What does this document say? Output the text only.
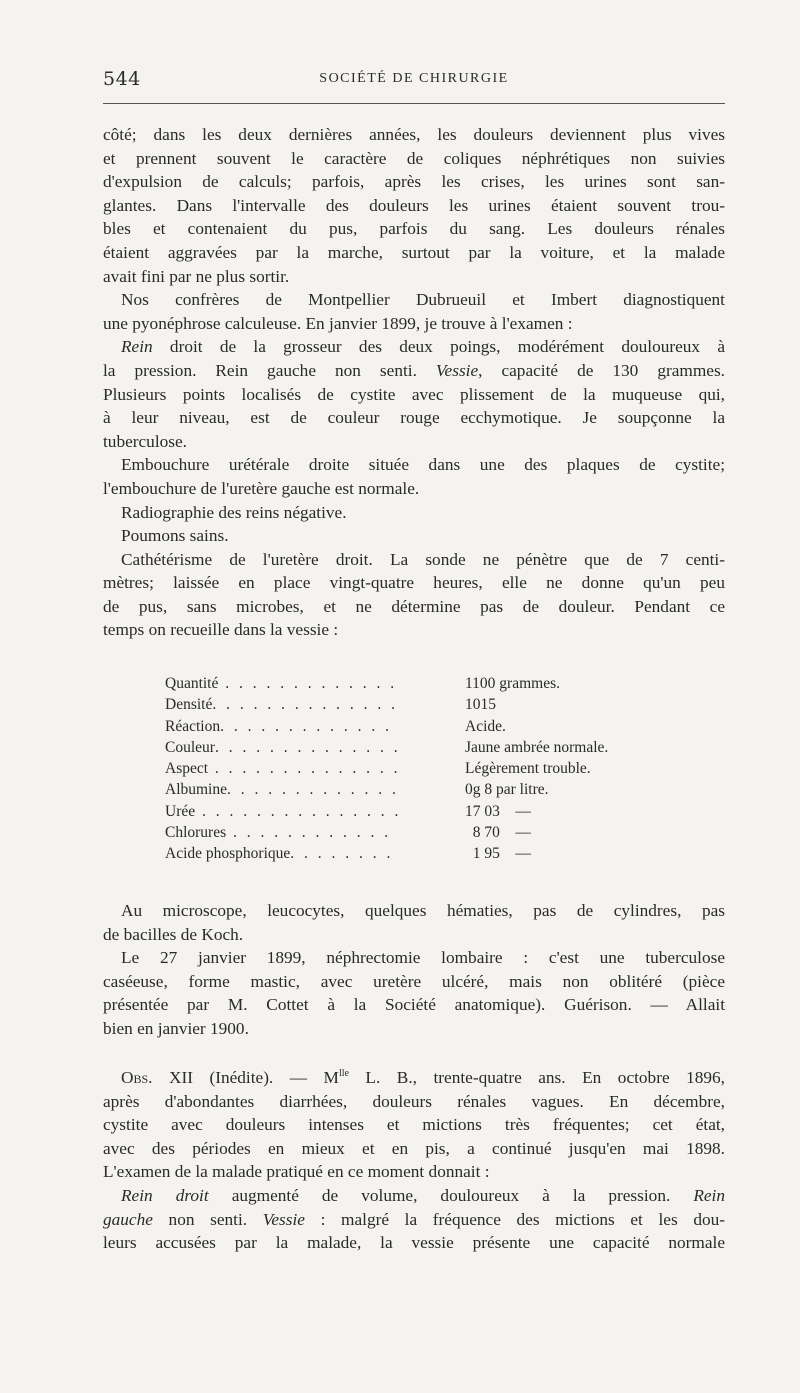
544	SOCIÉTÉ DE CHIRURGIE
côté; dans les deux dernières années, les douleurs deviennent plus vives
et prennent souvent le caractère de coliques néphrétiques non suivies
d'expulsion de calculs; parfois, après les crises, les urines sont san-
glantes. Dans l'intervalle des douleurs les urines étaient souvent trou-
bles et contenaient du pus, parfois du sang. Les douleurs rénales
étaient aggravées par la marche, surtout par la voiture, et la malade
avait fini par ne plus sortir.
Nos confrères de Montpellier Dubrueuil et Imbert diagnostiquent
une pyonéphrose calculeuse. En janvier 1899, je trouve à l'examen :
Rein droit de la grosseur des deux poings, modérément douloureux à
la pression. Rein gauche non senti. Vessie, capacité de 130 grammes.
Plusieurs points localisés de cystite avec plissement de la muqueuse qui,
à leur niveau, est de couleur rouge ecchymotique. Je soupçonne la
tuberculose.
Embouchure urétérale droite située dans une des plaques de cystite;
l'embouchure de l'uretère gauche est normale.
Radiographie des reins négative.
Poumons sains.
Cathétérisme de l'uretère droit. La sonde ne pénètre que de 7 centi-
mètres; laissée en place vingt-quatre heures, elle ne donne qu'un peu
de pus, sans microbes, et ne détermine pas de douleur. Pendant ce
temps on recueille dans la vessie :
Quantité . . . . . . . . . . . . .	1100 grammes.
Densité. . . . . . . . . . . . . .	1015
Réaction. . . . . . . . . . . . .	Acide.
Couleur. . . . . . . . . . . . . .	Jaune ambrée normale.
Aspect . . . . . . . . . . . . . .	Légèrement trouble.
Albumine. . . . . . . . . . . . .	0g 8 par litre.
Urée . . . . . . . . . . . . . . .	17 03    —
Chlorures . . . . . . . . . . . .	8 70    —
Acide phosphorique. . . . . . . .	1 95    —
Au microscope, leucocytes, quelques hématies, pas de cylindres, pas
de bacilles de Koch.
Le 27 janvier 1899, néphrectomie lombaire : c'est une tuberculose
caséeuse, forme mastic, avec uretère ulcéré, mais non oblitéré (pièce
présentée par M. Cottet à la Société anatomique). Guérison. — Allait
bien en janvier 1900.
Obs. XII (Inédite). — $M^{lle}$ L. B., trente-quatre ans. En octobre 1896,
après d'abondantes diarrhées, douleurs rénales vagues. En décembre,
cystite avec douleurs intenses et mictions très fréquentes; cet état,
avec des périodes en mieux et en pis, a continué jusqu'en mai 1898.
L'examen de la malade pratiqué en ce moment donnait :
Rein droit augmenté de volume, douloureux à la pression. Rein
gauche non senti. Vessie : malgré la fréquence des mictions et les dou-
leurs accusées par la malade, la vessie présente une capacité normale
